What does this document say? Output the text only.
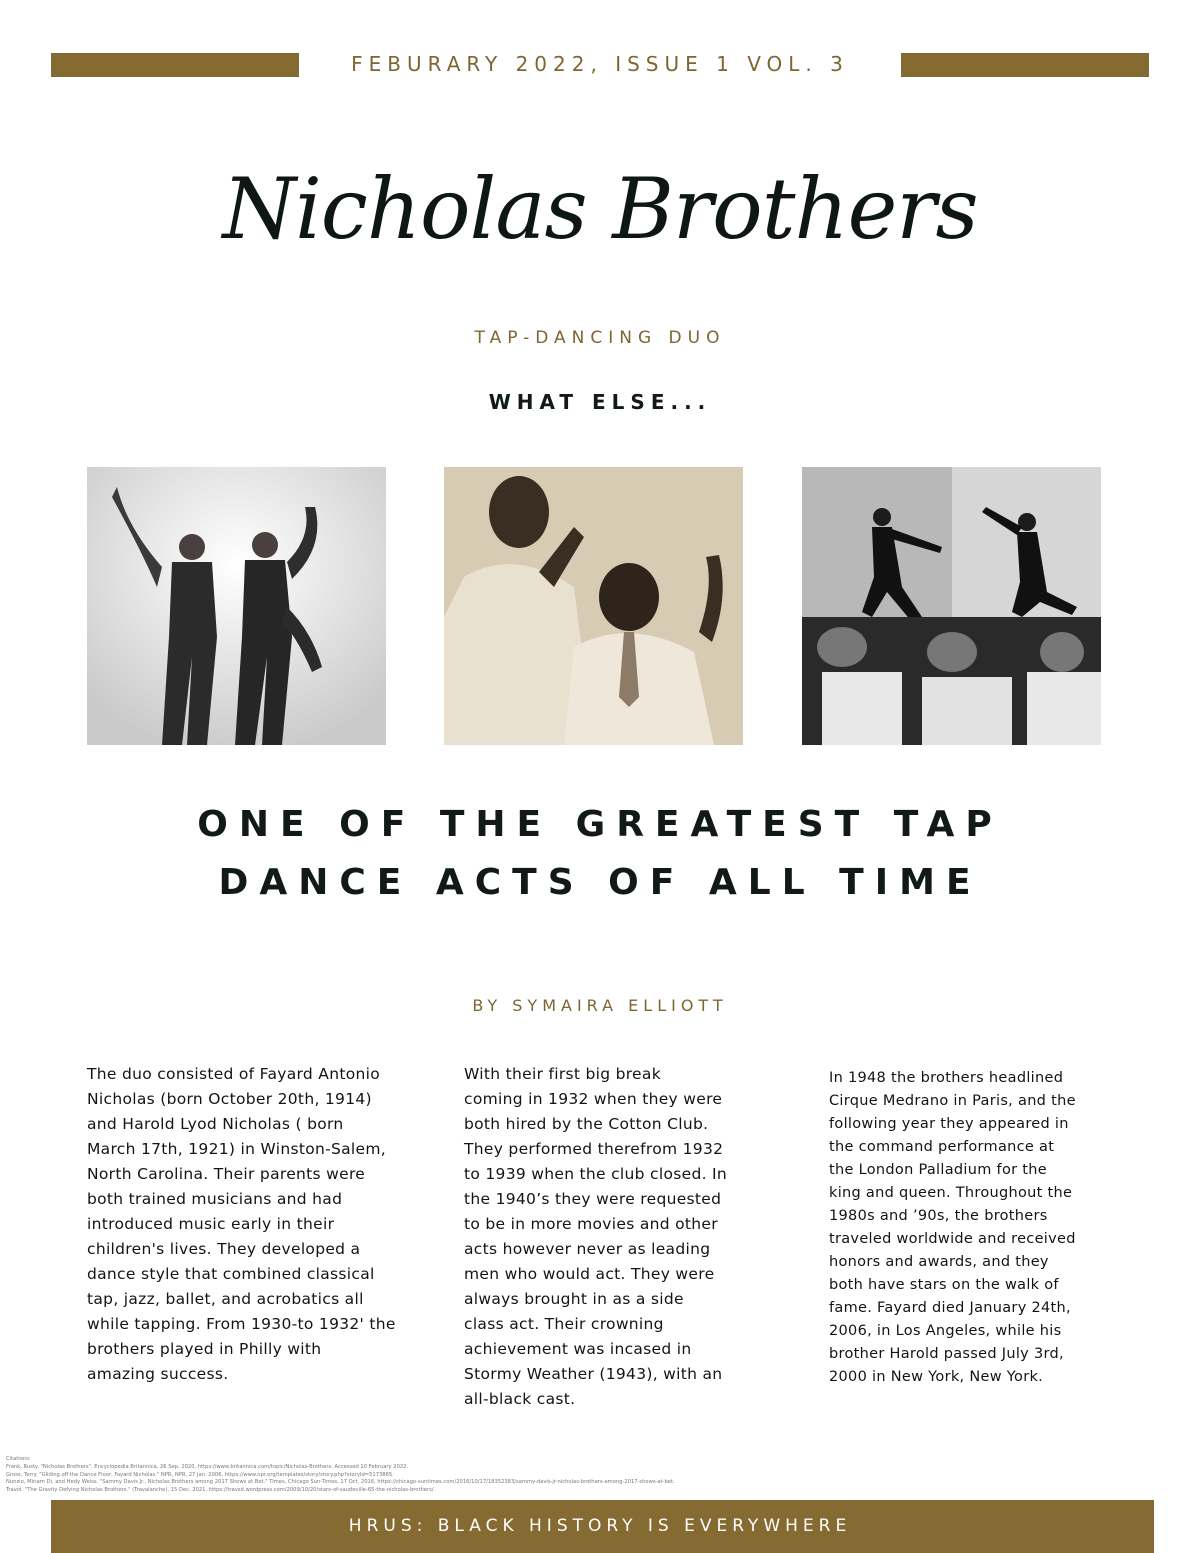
FEBURARY 2022, ISSUE 1 VOL. 3
Nicholas Brothers
TAP-DANCING DUO
WHAT ELSE...
ONE OF THE GREATEST TAP
DANCE ACTS OF ALL TIME
BY SYMAIRA ELLIOTT
The duo consisted of Fayard Antonio
Nicholas (born October 20th, 1914)
and Harold Lyod Nicholas ( born
March 17th, 1921) in Winston-Salem,
North Carolina. Their parents were
both trained musicians and had
introduced music early in their
children's lives. They developed a
dance style that combined classical
tap, jazz, ballet, and acrobatics all
while tapping. From 1930-to 1932' the
brothers played in Philly with
amazing success.
With their first big break
coming in 1932 when they were
both hired by the Cotton Club.
They performed therefrom 1932
to 1939 when the club closed. In
the 1940’s they were requested
to be in more movies and other
acts however never as leading
men who would act. They were
always brought in as a side
class act. Their crowning
achievement was incased in
Stormy Weather (1943), with an
all-black cast.
In 1948 the brothers headlined
Cirque Medrano in Paris, and the
following year they appeared in
the command performance at
the London Palladium for the
king and queen. Throughout the
1980s and ’90s, the brothers
traveled worldwide and received
honors and awards, and they
both have stars on the walk of
fame. Fayard died January 24th,
2006, in Los Angeles, while his
brother Harold passed July 3rd,
2000 in New York, New York.
Citations:
Frank, Rusty. "Nicholas Brothers". Encyclopedia Britannica, 26 Sep. 2020, https://www.britannica.com/topic/Nicholas-Brothers. Accessed 10 February 2022.
Gross, Terry. "Gliding off the Dance Floor: Fayard Nicholas." NPR, NPR, 27 Jan. 2006, https://www.npr.org/templates/story/story.php?storyId=5173865.
Nunzio, Miriam Di, and Hedy Weiss. "Sammy Davis Jr., Nicholas Brothers among 2017 Shows at Bet." Times, Chicago Sun-Times, 17 Oct. 2016, https://chicago-suntimes.com/2016/10/17/18352383/sammy-davis-jr-nicholas-brothers-among-2017-shows-at-bet.
Travid. "The Gravity Defying Nicholas Brothers." (Travalanche), 15 Dec. 2021, https://travsd.wordpress.com/2009/10/20/stars-of-vaudeville-65-the-nicholas-brothers/.
HRUS: BLACK HISTORY IS EVERYWHERE
